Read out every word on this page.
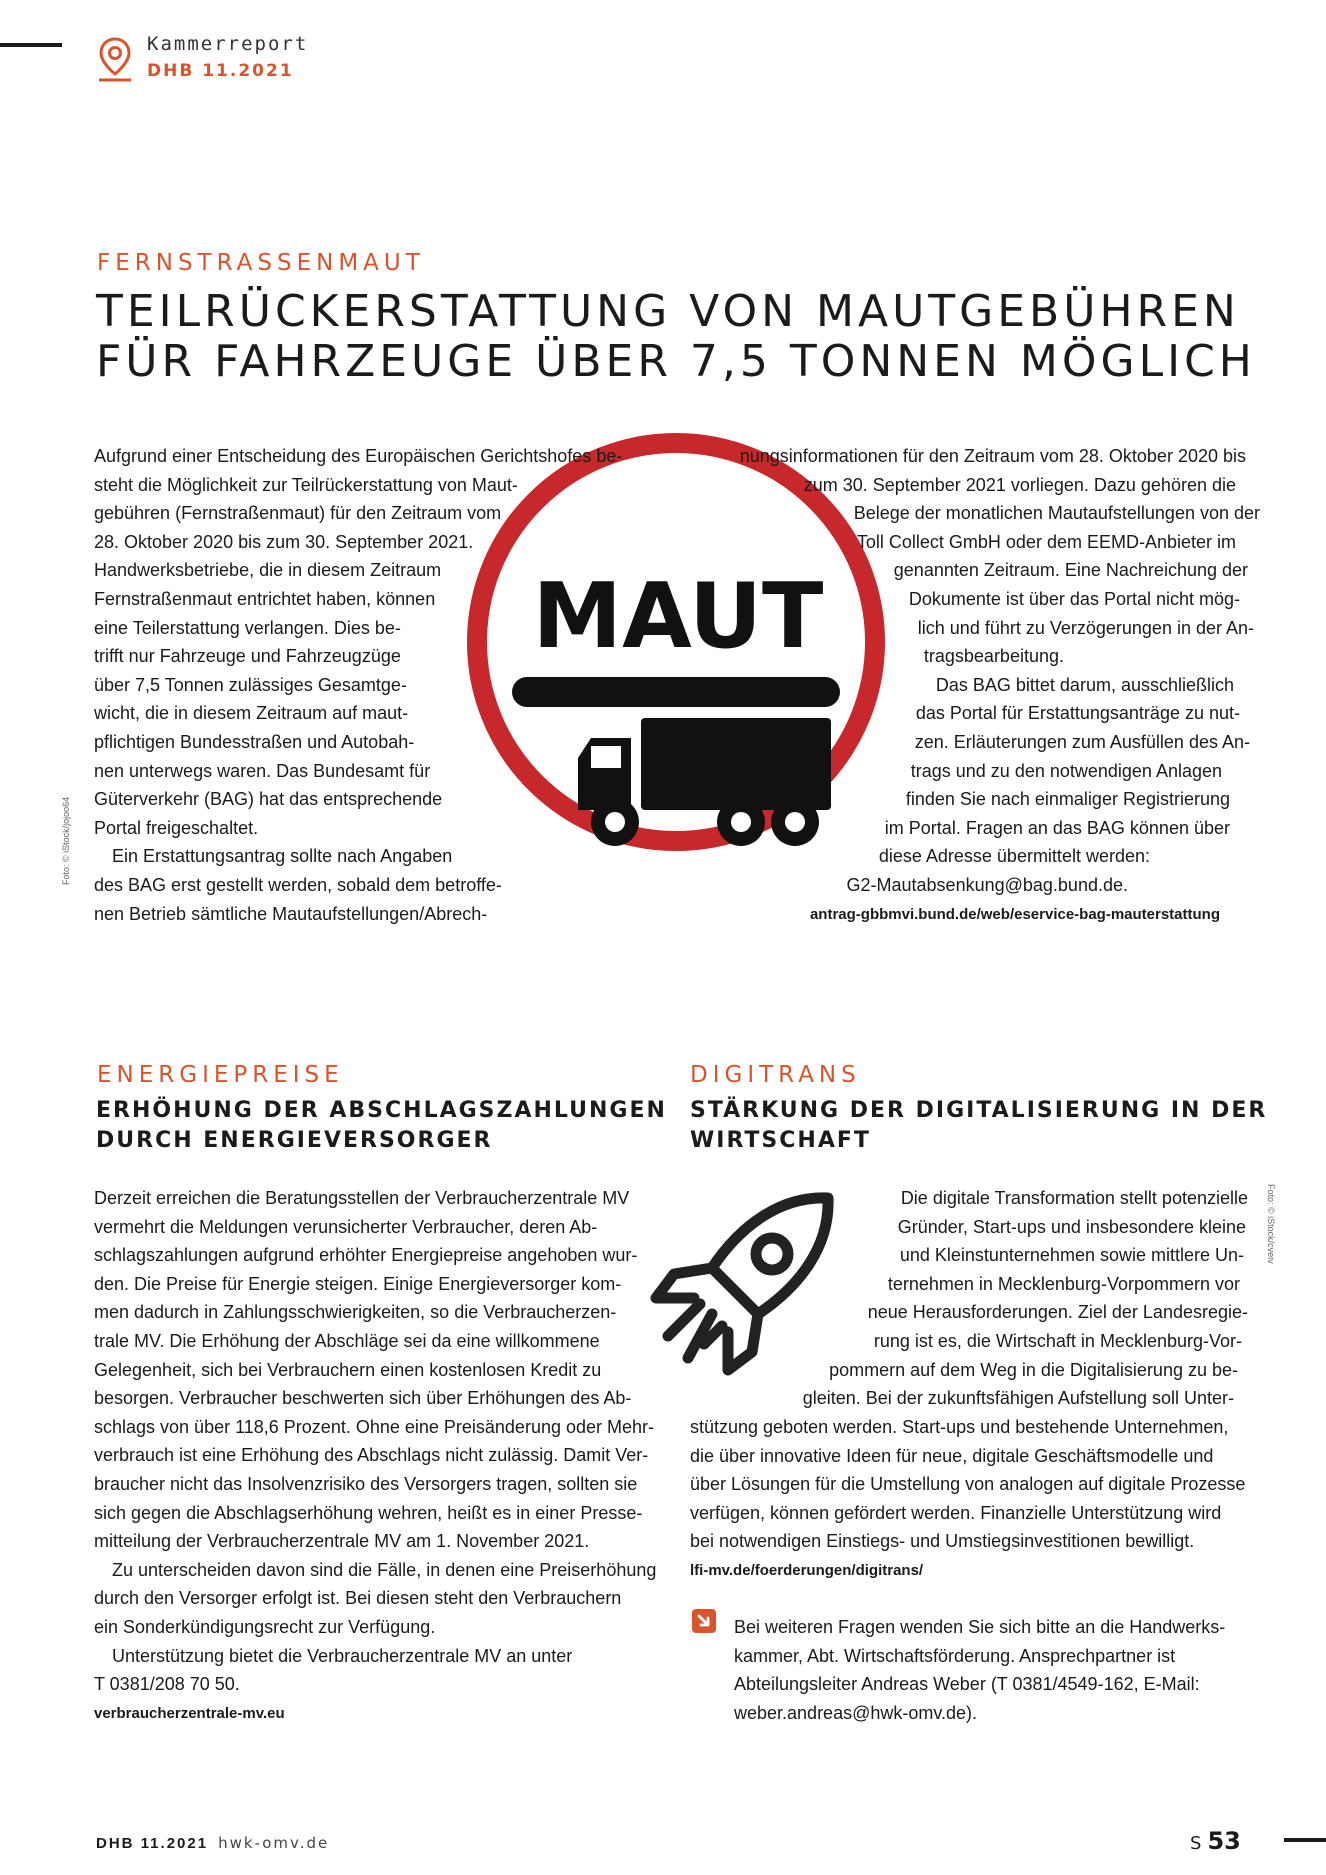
Kammerreport
DHB 11.2021
FERNSTRASSENMAUT
TEILRÜCKERSTATTUNG VON MAUTGEBÜHREN
FÜR FAHRZEUGE ÜBER 7,5 TONNEN MÖGLICH
Foto: © iStock/jojoo64
MAUT

Aufgrund einer Entscheidung des Europäischen Gerichtshofes be-

steht die Möglichkeit zur Teilrückerstattung von Maut-

gebühren (Fernstraßenmaut) für den Zeitraum vom

28. Oktober 2020 bis zum 30. September 2021.

Handwerksbetriebe, die in diesem Zeitraum

Fernstraßenmaut entrichtet haben, können

eine Teilerstattung verlangen. Dies be-

trifft nur Fahrzeuge und Fahrzeugzüge

über 7,5 Tonnen zulässiges Gesamtge-

wicht, die in diesem Zeitraum auf maut-

pflichtigen Bundesstraßen und Autobah-

nen unterwegs waren. Das Bundesamt für

Güterverkehr (BAG) hat das entsprechende

Portal freigeschaltet.

Ein Erstattungsantrag sollte nach Angaben

des BAG erst gestellt werden, sobald dem betroffe-

nen Betrieb sämtliche Mautaufstellungen/Abrech-

nungsinformationen für den Zeitraum vom 28. Oktober 2020 bis

zum 30. September 2021 vorliegen. Dazu gehören die

Belege der monatlichen Mautaufstellungen von der

Toll Collect GmbH oder dem EEMD-Anbieter im

genannten Zeitraum. Eine Nachreichung der

Dokumente ist über das Portal nicht mög-

lich und führt zu Verzögerungen in der An-

tragsbearbeitung.

Das BAG bittet darum, ausschließlich

das Portal für Erstattungsanträge zu nut-

zen. Erläuterungen zum Ausfüllen des An-

trags und zu den notwendigen Anlagen

finden Sie nach einmaliger Registrierung

im Portal. Fragen an das BAG können über

diese Adresse übermittelt werden:

G2-Mautabsenkung@bag.bund.de.

antrag-gbbmvi.bund.de/web/eservice-bag-mauterstattung

ENERGIEPREISE
ERHÖHUNG DER ABSCHLAGSZAHLUNGEN
DURCH ENERGIEVERSORGER

Derzeit erreichen die Beratungsstellen der Verbraucherzentrale MV

vermehrt die Meldungen verunsicherter Verbraucher, deren Ab-

schlagszahlungen aufgrund erhöhter Energiepreise angehoben wur-

den. Die Preise für Energie steigen. Einige Energieversorger kom-

men dadurch in Zahlungsschwierigkeiten, so die Verbraucherzen-

trale MV. Die Erhöhung der Abschläge sei da eine willkommene

Gelegenheit, sich bei Verbrauchern einen kostenlosen Kredit zu

besorgen. Verbraucher beschwerten sich über Erhöhungen des Ab-

schlags von über 118,6 Prozent. Ohne eine Preisänderung oder Mehr-

verbrauch ist eine Erhöhung des Abschlags nicht zulässig. Damit Ver-

braucher nicht das Insolvenzrisiko des Versorgers tragen, sollten sie

sich gegen die Abschlagserhöhung wehren, heißt es in einer Presse-

mitteilung der Verbraucherzentrale MV am 1. November 2021.

Zu unterscheiden davon sind die Fälle, in denen eine Preiserhöhung

durch den Versorger erfolgt ist. Bei diesen steht den Verbrauchern

ein Sonderkündigungsrecht zur Verfügung.

Unterstützung bietet die Verbraucherzentrale MV an unter

T 0381/208 70 50.

verbraucherzentrale-mv.eu

DIGITRANS
STÄRKUNG DER DIGITALISIERUNG IN DER
WIRTSCHAFT
Foto: © iStock/cveiv

Die digitale Transformation stellt potenzielle

Gründer, Start-ups und insbesondere kleine

und Kleinstunternehmen sowie mittlere Un-

ternehmen in Mecklenburg-Vorpommern vor

neue Herausforderungen. Ziel der Landesregie-

rung ist es, die Wirtschaft in Mecklenburg-Vor-

pommern auf dem Weg in die Digitalisierung zu be-

gleiten. Bei der zukunftsfähigen Aufstellung soll Unter-

stützung geboten werden. Start-ups und bestehende Unternehmen,

die über innovative Ideen für neue, digitale Geschäftsmodelle und

über Lösungen für die Umstellung von analogen auf digitale Prozesse

verfügen, können gefördert werden. Finanzielle Unterstützung wird

bei notwendigen Einstiegs- und Umstiegsinvestitionen bewilligt.

lfi-mv.de/foerderungen/digitrans/

Bei weiteren Fragen wenden Sie sich bitte an die Handwerks-

kammer, Abt. Wirtschaftsförderung. Ansprechpartner ist

Abteilungsleiter Andreas Weber (T 0381/4549-162, E-Mail:

weber.andreas@hwk-omv.de).

DHB 11.2021 hwk-omv.de	S 53
